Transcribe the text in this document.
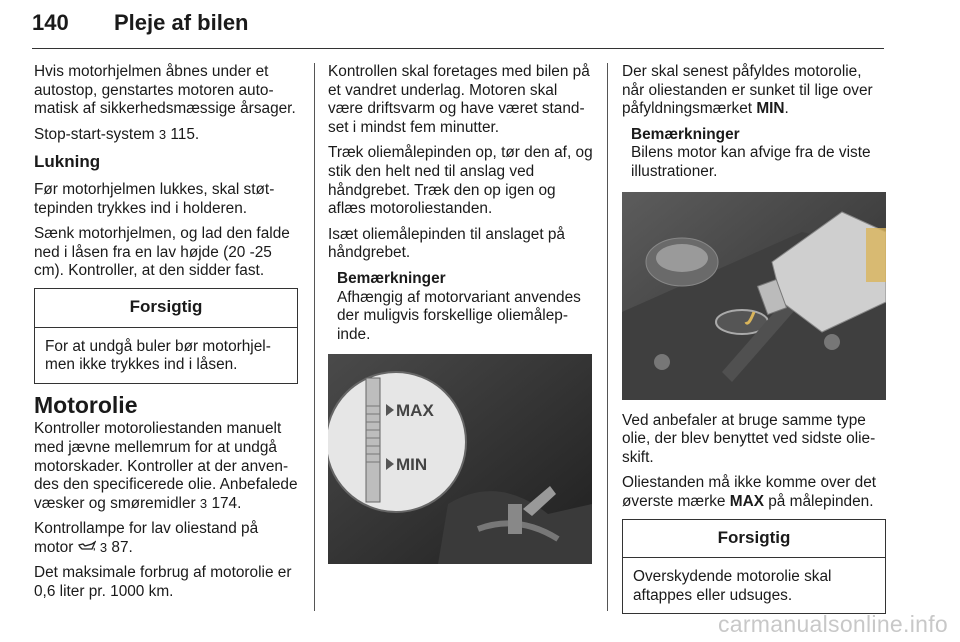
140 Pleje af bilen

Hvis motorhjelmen åbnes under et autostop, genstartes motoren automatisk af sikkerhedsmæssige årsager.

Stop-start-system 3 115.

Lukning

Før motorhjelmen lukkes, skal støttepinden trykkes ind i holderen.

Sænk motorhjelmen, og lad den falde ned i låsen fra en lav højde (20 -25 cm). Kontroller, at den sidder fast.

Forsigtig
For at undgå buler bør motorhjelmen ikke trykkes ind i låsen.
Motorolie

Kontroller motoroliestanden manuelt med jævne mellemrum for at undgå motorskader. Kontroller at der anvendes den specificerede olie. Anbefalede væsker og smøremidler 3 174.

Kontrollampe for lav oliestand på motor 3 87.

Det maksimale forbrug af motorolie er 0,6 liter pr. 1000 km.

Kontrollen skal foretages med bilen på et vandret underlag. Motoren skal være driftsvarm og have været standset i mindst fem minutter.

Træk oliemålepinden op, tør den af, og stik den helt ned til anslag ved håndgrebet. Træk den op igen og aflæs motoroliestanden.

Isæt oliemålepinden til anslaget på håndgrebet.

Bemærkninger
Afhængig af motorvariant anvendes der muligvis forskellige oliemålepinde.
MAX
MIN

Der skal senest påfyldes motorolie, når oliestanden er sunket til lige over påfyldningsmærket MIN.

Bemærkninger
Bilens motor kan afvige fra de viste illustrationer.

Ved anbefaler at bruge samme type olie, der blev benyttet ved sidste olieskift.

Oliestanden må ikke komme over det øverste mærke MAX på målepinden.

Forsigtig
Overskydende motorolie skal aftappes eller udsuges.
carmanualsonline.info
